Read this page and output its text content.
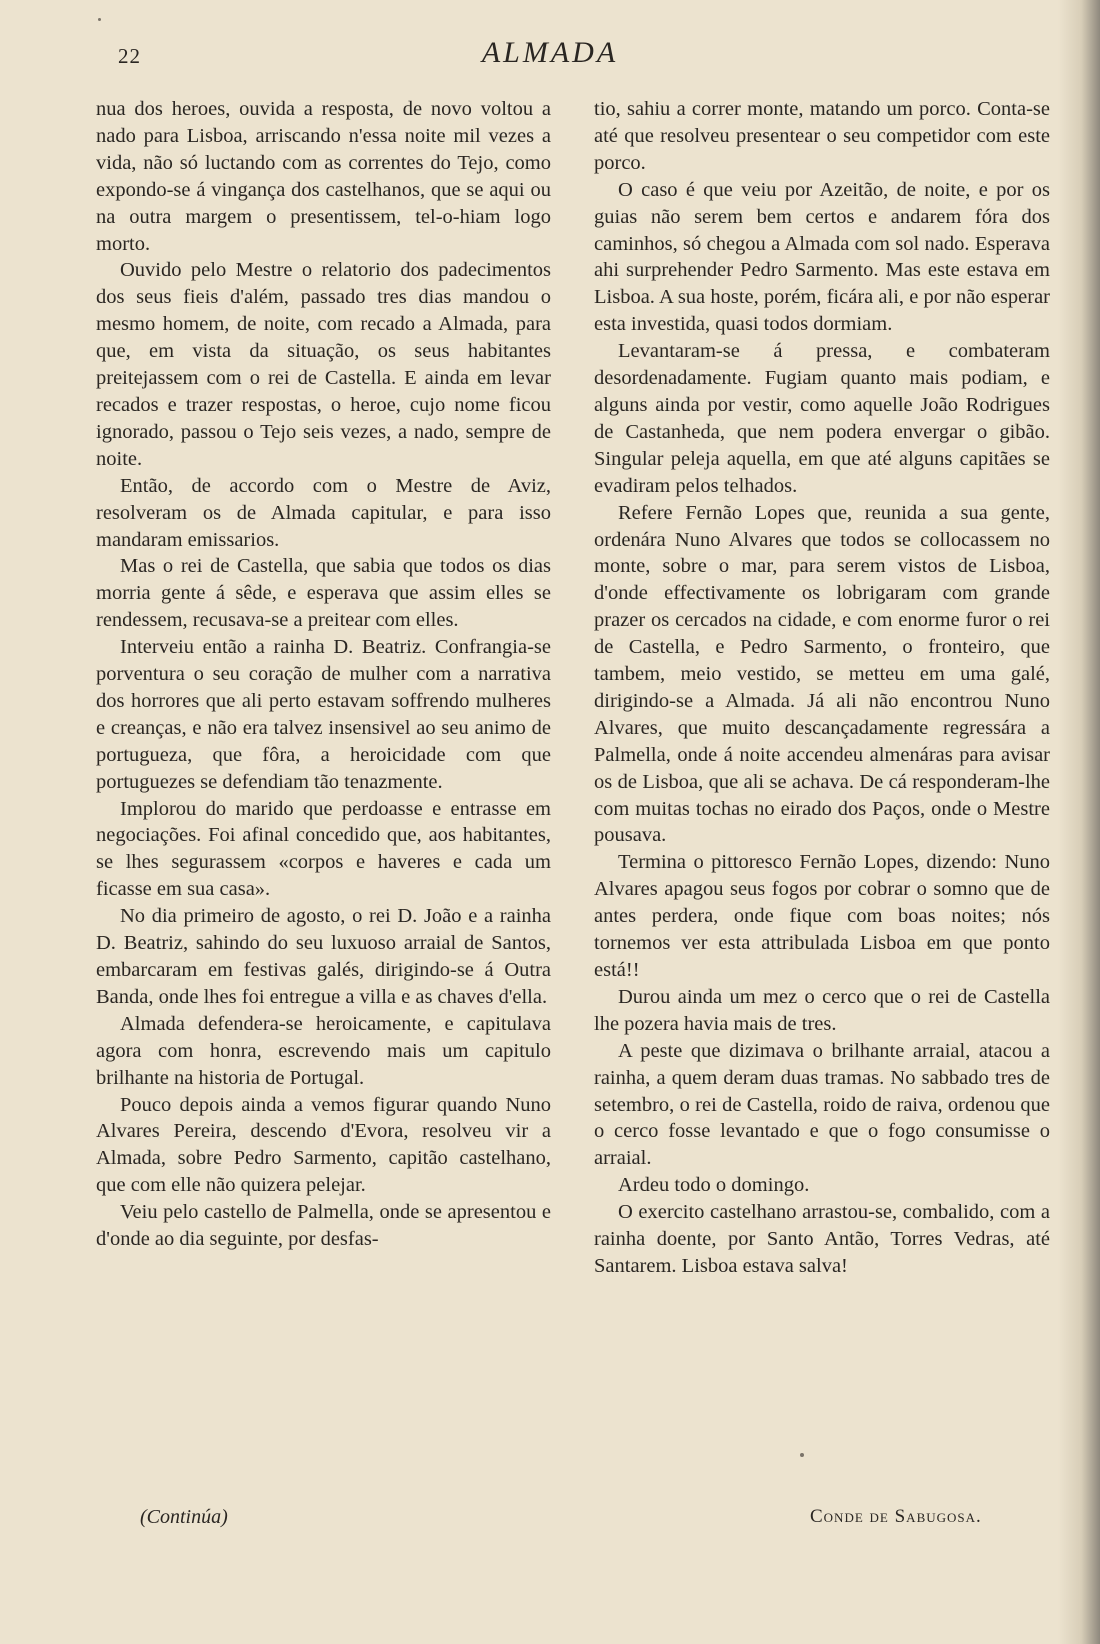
22	ALMADA

nua dos heroes, ouvida a resposta, de novo voltou a nado para Lisboa, arriscando n'essa noite mil vezes a vida, não só luctando com as correntes do Tejo, como expondo-se á vingança dos castelhanos, que se aqui ou na outra margem o presentissem, tel-o-hiam logo morto.

Ouvido pelo Mestre o relatorio dos padecimentos dos seus fieis d'além, passado tres dias mandou o mesmo homem, de noite, com recado a Almada, para que, em vista da situação, os seus habitantes preitejassem com o rei de Castella. E ainda em levar recados e trazer respostas, o heroe, cujo nome ficou ignorado, passou o Tejo seis vezes, a nado, sempre de noite.

Então, de accordo com o Mestre de Aviz, resolveram os de Almada capitular, e para isso mandaram emissarios.

Mas o rei de Castella, que sabia que todos os dias morria gente á sêde, e esperava que assim elles se rendessem, recusava-se a preitear com elles.

Interveiu então a rainha D. Beatriz. Confrangia-se porventura o seu coração de mulher com a narrativa dos horrores que ali perto estavam soffrendo mulheres e creanças, e não era talvez insensivel ao seu animo de portugueza, que fôra, a heroicidade com que portuguezes se defendiam tão tenazmente.

Implorou do marido que perdoasse e entrasse em negociações. Foi afinal concedido que, aos habitantes, se lhes segurassem «corpos e haveres e cada um ficasse em sua casa».

No dia primeiro de agosto, o rei D. João e a rainha D. Beatriz, sahindo do seu luxuoso arraial de Santos, embarcaram em festivas galés, dirigindo-se á Outra Banda, onde lhes foi entregue a villa e as chaves d'ella.

Almada defendera-se heroicamente, e capitulava agora com honra, escrevendo mais um capitulo brilhante na historia de Portugal.

Pouco depois ainda a vemos figurar quando Nuno Alvares Pereira, descendo d'Evora, resolveu vir a Almada, sobre Pedro Sarmento, capitão castelhano, que com elle não quizera pelejar.

Veiu pelo castello de Palmella, onde se apresentou e d'onde ao dia seguinte, por desfas-

tio, sahiu a correr monte, matando um porco. Conta-se até que resolveu presentear o seu competidor com este porco.

O caso é que veiu por Azeitão, de noite, e por os guias não serem bem certos e andarem fóra dos caminhos, só chegou a Almada com sol nado. Esperava ahi surprehender Pedro Sarmento. Mas este estava em Lisboa. A sua hoste, porém, ficára ali, e por não esperar esta investida, quasi todos dormiam.

Levantaram-se á pressa, e combateram desordenadamente. Fugiam quanto mais podiam, e alguns ainda por vestir, como aquelle João Rodrigues de Castanheda, que nem podera envergar o gibão. Singular peleja aquella, em que até alguns capitães se evadiram pelos telhados.

Refere Fernão Lopes que, reunida a sua gente, ordenára Nuno Alvares que todos se collocassem no monte, sobre o mar, para serem vistos de Lisboa, d'onde effectivamente os lobrigaram com grande prazer os cercados na cidade, e com enorme furor o rei de Castella, e Pedro Sarmento, o fronteiro, que tambem, meio vestido, se metteu em uma galé, dirigindo-se a Almada. Já ali não encontrou Nuno Alvares, que muito descançadamente regressára a Palmella, onde á noite accendeu almenáras para avisar os de Lisboa, que ali se achava. De cá responderam-lhe com muitas tochas no eirado dos Paços, onde o Mestre pousava.

Termina o pittoresco Fernão Lopes, dizendo: Nuno Alvares apagou seus fogos por cobrar o somno que de antes perdera, onde fique com boas noites; nós tornemos ver esta attribulada Lisboa em que ponto está!!

Durou ainda um mez o cerco que o rei de Castella lhe pozera havia mais de tres.

A peste que dizimava o brilhante arraial, atacou a rainha, a quem deram duas tramas. No sabbado tres de setembro, o rei de Castella, roido de raiva, ordenou que o cerco fosse levantado e que o fogo consumisse o arraial.

Ardeu todo o domingo.

O exercito castelhano arrastou-se, combalido, com a rainha doente, por Santo Antão, Torres Vedras, até Santarem. Lisboa estava salva!

(Continúa)	Conde de Sabugosa.
